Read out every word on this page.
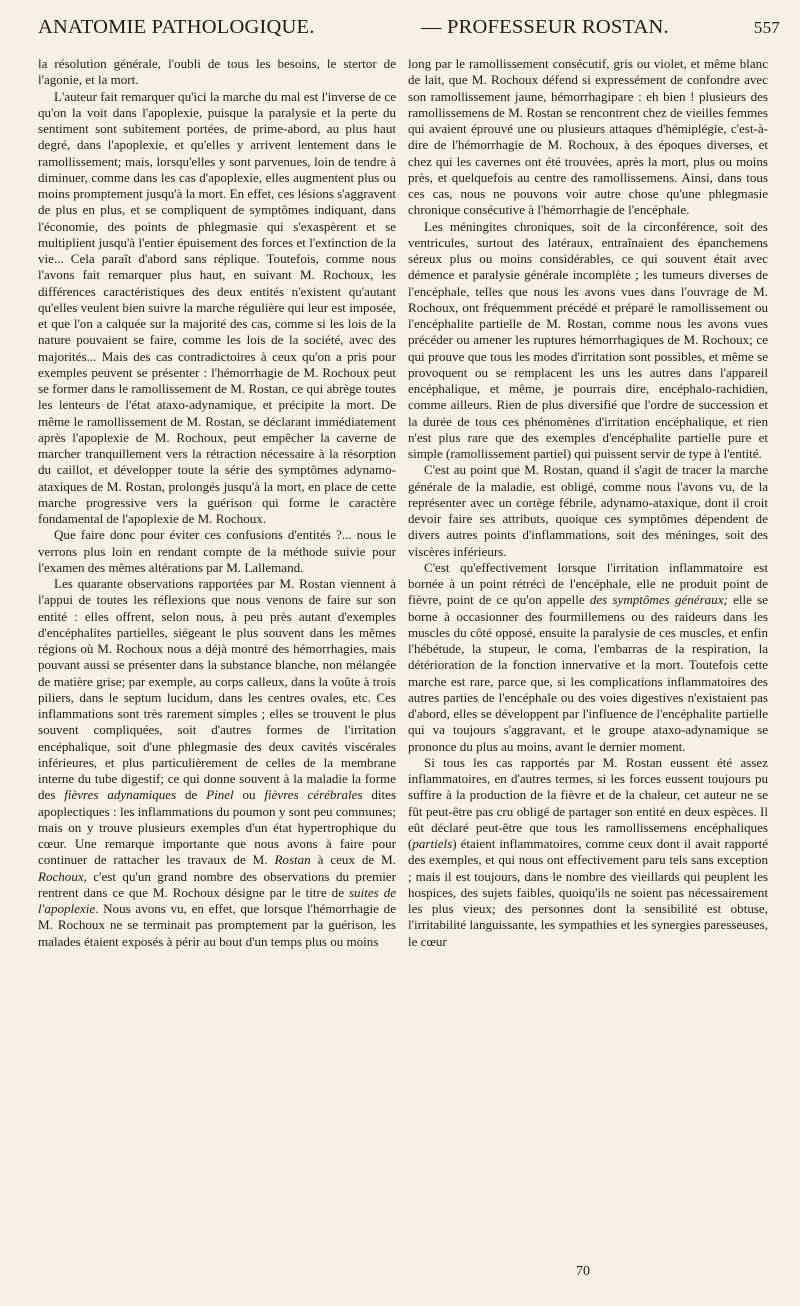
ANATOMIE PATHOLOGIQUE.	— PROFESSEUR ROSTAN.	557

la résolution générale, l'oubli de tous les besoins, le stertor de l'agonie, et la mort.

L'auteur fait remarquer qu'ici la marche du mal est l'inverse de ce qu'on la voit dans l'apoplexie, puisque la paralysie et la perte du sentiment sont subitement portées, de prime-abord, au plus haut degré, dans l'apoplexie, et qu'elles y arrivent lentement dans le ramollissement; mais, lorsqu'elles y sont parvenues, loin de tendre à diminuer, comme dans les cas d'apoplexie, elles augmentent plus ou moins promptement jusqu'à la mort. En effet, ces lésions s'aggravent de plus en plus, et se compliquent de symptômes indiquant, dans l'économie, des points de phlegmasie qui s'exaspèrent et se multiplient jusqu'à l'entier épuisement des forces et l'extinction de la vie... Cela paraît d'abord sans réplique. Toutefois, comme nous l'avons fait remarquer plus haut, en suivant M. Rochoux, les différences caractéristiques des deux entités n'existent qu'autant qu'elles veulent bien suivre la marche régulière qui leur est imposée, et que l'on a calquée sur la majorité des cas, comme si les lois de la nature pouvaient se faire, comme les lois de la société, avec des majorités... Mais des cas contradictoires à ceux qu'on a pris pour exemples peuvent se présenter : l'hémorrhagie de M. Rochoux peut se former dans le ramollissement de M. Rostan, ce qui abrège toutes les lenteurs de l'état ataxo-adynamique, et précipite la mort. De même le ramollissement de M. Rostan, se déclarant immédiatement après l'apoplexie de M. Rochoux, peut empêcher la caverne de marcher tranquillement vers la rétraction nécessaire à la résorption du caillot, et développer toute la série des symptômes adynamo-ataxiques de M. Rostan, prolongés jusqu'à la mort, en place de cette marche progressive vers la guérison qui forme le caractère fondamental de l'apoplexie de M. Rochoux.

Que faire donc pour éviter ces confusions d'entités ?... nous le verrons plus loin en rendant compte de la méthode suivie pour l'examen des mêmes altérations par M. Lallemand.

Les quarante observations rapportées par M. Rostan viennent à l'appui de toutes les réflexions que nous venons de faire sur son entité : elles offrent, selon nous, à peu près autant d'exemples d'encéphalites partielles, siégeant le plus souvent dans les mêmes régions où M. Rochoux nous a déjà montré des hémorrhagies, mais pouvant aussi se présenter dans la substance blanche, non mélangée de matière grise; par exemple, au corps calleux, dans la voûte à trois piliers, dans le septum lucidum, dans les centres ovales, etc. Ces inflammations sont très rarement simples ; elles se trouvent le plus souvent compliquées, soit d'autres formes de l'irritation encéphalique, soit d'une phlegmasie des deux cavités viscérales inférieures, et plus particulièrement de celles de la membrane interne du tube digestif; ce qui donne souvent à la maladie la forme des fièvres adynamiques de Pinel ou fièvres cérébrales dites apoplectiques : les inflammations du poumon y sont peu communes; mais on y trouve plusieurs exemples d'un état hypertrophique du cœur. Une remarque importante que nous avons à faire pour continuer de rattacher les travaux de M. Rostan à ceux de M. Rochoux, c'est qu'un grand nombre des observations du premier rentrent dans ce que M. Rochoux désigne par le titre de suites de l'apoplexie. Nous avons vu, en effet, que lorsque l'hémorrhagie de M. Rochoux ne se terminait pas promptement par la guérison, les malades étaient exposés à périr au bout d'un temps plus ou moins

long par le ramollissement consécutif, gris ou violet, et même blanc de lait, que M. Rochoux défend si expressément de confondre avec son ramollissement jaune, hémorrhagipare : eh bien ! plusieurs des ramollissemens de M. Rostan se rencontrent chez de vieilles femmes qui avaient éprouvé une ou plusieurs attaques d'hémiplégie, c'est-à-dire de l'hémorrhagie de M. Rochoux, à des époques diverses, et chez qui les cavernes ont été trouvées, après la mort, plus ou moins près, et quelquefois au centre des ramollissemens. Ainsi, dans tous ces cas, nous ne pouvons voir autre chose qu'une phlegmasie chronique consécutive à l'hémorrhagie de l'encéphale.

Les méningites chroniques, soit de la circonférence, soit des ventricules, surtout des latéraux, entraînaient des épanchemens séreux plus ou moins considérables, ce qui souvent était avec démence et paralysie générale incomplète ; les tumeurs diverses de l'encéphale, telles que nous les avons vues dans l'ouvrage de M. Rochoux, ont fréquemment précédé et préparé le ramollissement ou l'encéphalite partielle de M. Rostan, comme nous les avons vues précéder ou amener les ruptures hémorrhagiques de M. Rochoux; ce qui prouve que tous les modes d'irritation sont possibles, et même se provoquent ou se remplacent les uns les autres dans l'appareil encéphalique, et même, je pourrais dire, encéphalo-rachidien, comme ailleurs. Rien de plus diversifié que l'ordre de succession et la durée de tous ces phénomènes d'irritation encéphalique, et rien n'est plus rare que des exemples d'encéphalite partielle pure et simple (ramollissement partiel) qui puissent servir de type à l'entité.

C'est au point que M. Rostan, quand il s'agit de tracer la marche générale de la maladie, est obligé, comme nous l'avons vu, de la représenter avec un cortège fébrile, adynamo-ataxique, dont il croit devoir faire ses attributs, quoique ces symptômes dépendent de divers autres points d'inflammations, soit des méninges, soit des viscères inférieurs.

C'est qu'effectivement lorsque l'irritation inflammatoire est bornée à un point rétréci de l'encéphale, elle ne produit point de fièvre, point de ce qu'on appelle des symptômes généraux; elle se borne à occasionner des fourmillemens ou des raideurs dans les muscles du côté opposé, ensuite la paralysie de ces muscles, et enfin l'hébétude, la stupeur, le coma, l'embarras de la respiration, la détérioration de la fonction innervative et la mort. Toutefois cette marche est rare, parce que, si les complications inflammatoires des autres parties de l'encéphale ou des voies digestives n'existaient pas d'abord, elles se développent par l'influence de l'encéphalite partielle qui va toujours s'aggravant, et le groupe ataxo-adynamique se prononce du plus au moins, avant le dernier moment.

Si tous les cas rapportés par M. Rostan eussent été assez inflammatoires, en d'autres termes, si les forces eussent toujours pu suffire à la production de la fièvre et de la chaleur, cet auteur ne se fût peut-être pas cru obligé de partager son entité en deux espèces. Il eût déclaré peut-être que tous les ramollissemens encéphaliques (partiels) étaient inflammatoires, comme ceux dont il avait rapporté des exemples, et qui nous ont effectivement paru tels sans exception ; mais il est toujours, dans le nombre des vieillards qui peuplent les hospices, des sujets faibles, quoiqu'ils ne soient pas nécessairement les plus vieux; des personnes dont la sensibilité est obtuse, l'irritabilité languissante, les sympathies et les synergies paresseuses, le cœur

70
